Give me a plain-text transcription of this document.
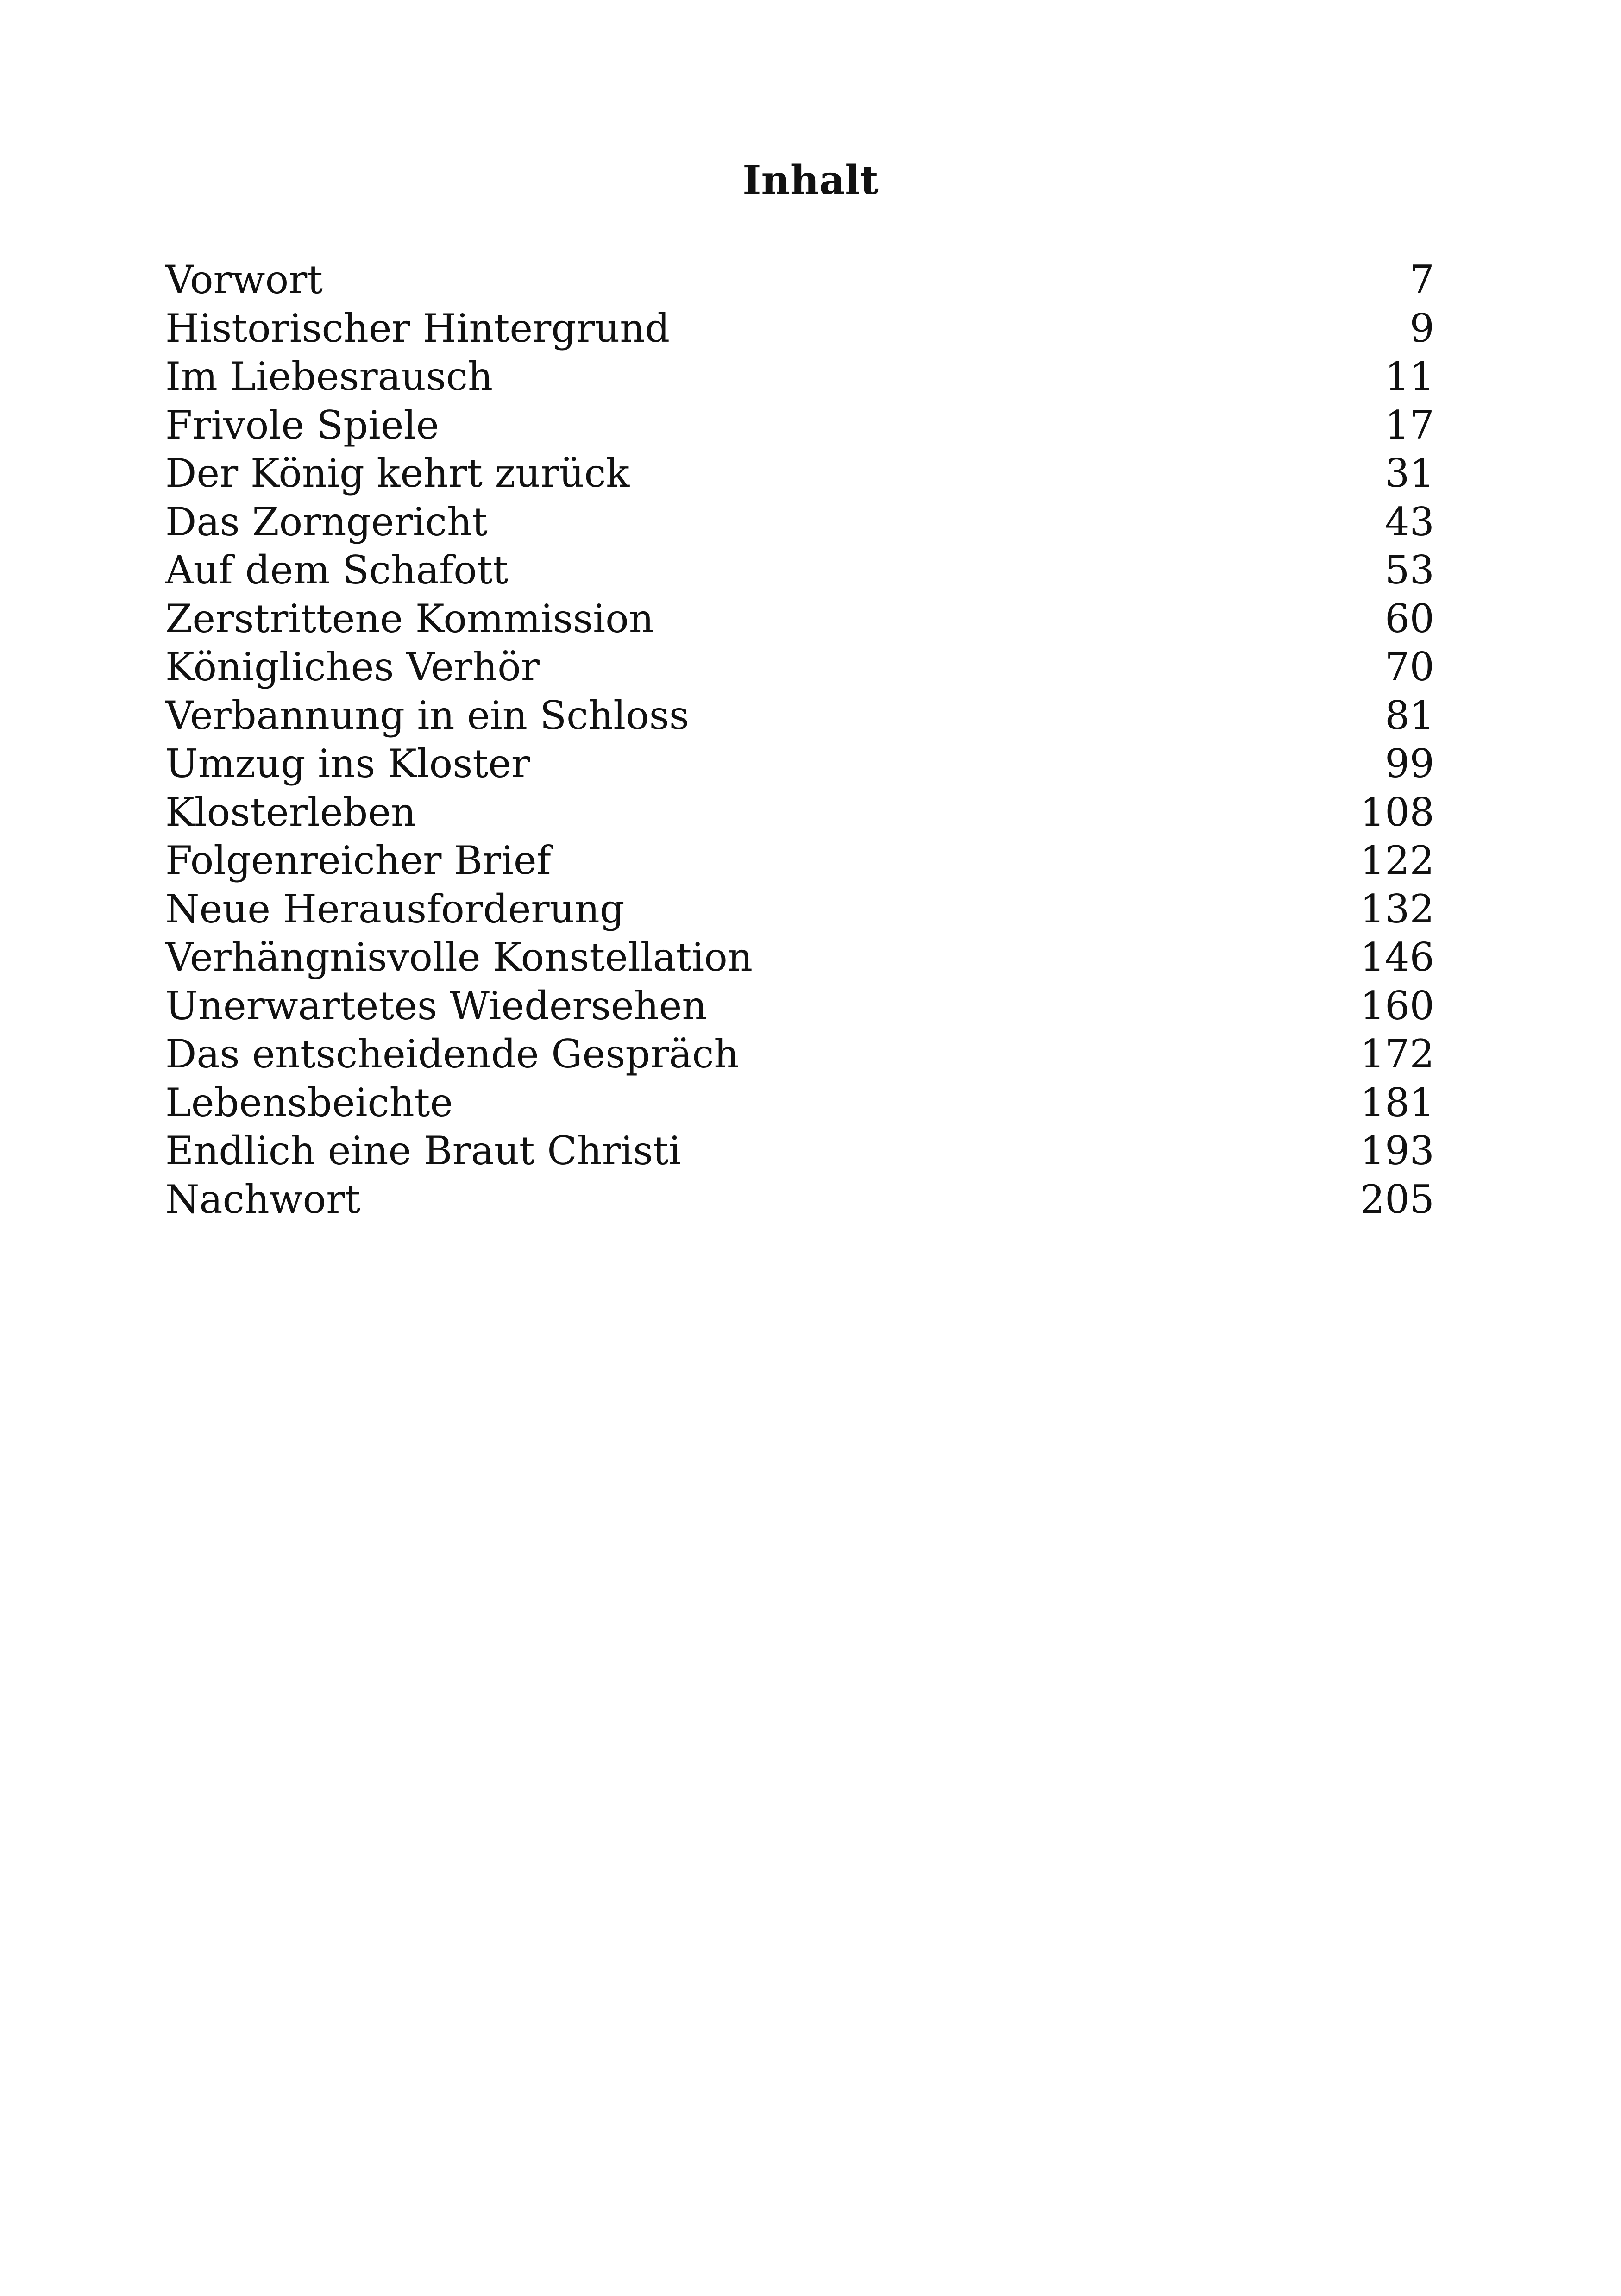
Inhalt
Vorwort	7
Historischer Hintergrund	9
Im Liebesrausch	11
Frivole Spiele	17
Der König kehrt zurück	31
Das Zorngericht	43
Auf dem Schafott	53
Zerstrittene Kommission	60
Königliches Verhör	70
Verbannung in ein Schloss	81
Umzug ins Kloster	99
Klosterleben	108
Folgenreicher Brief	122
Neue Herausforderung	132
Verhängnisvolle Konstellation	146
Unerwartetes Wiedersehen	160
Das entscheidende Gespräch	172
Lebensbeichte	181
Endlich eine Braut Christi	193
Nachwort	205
